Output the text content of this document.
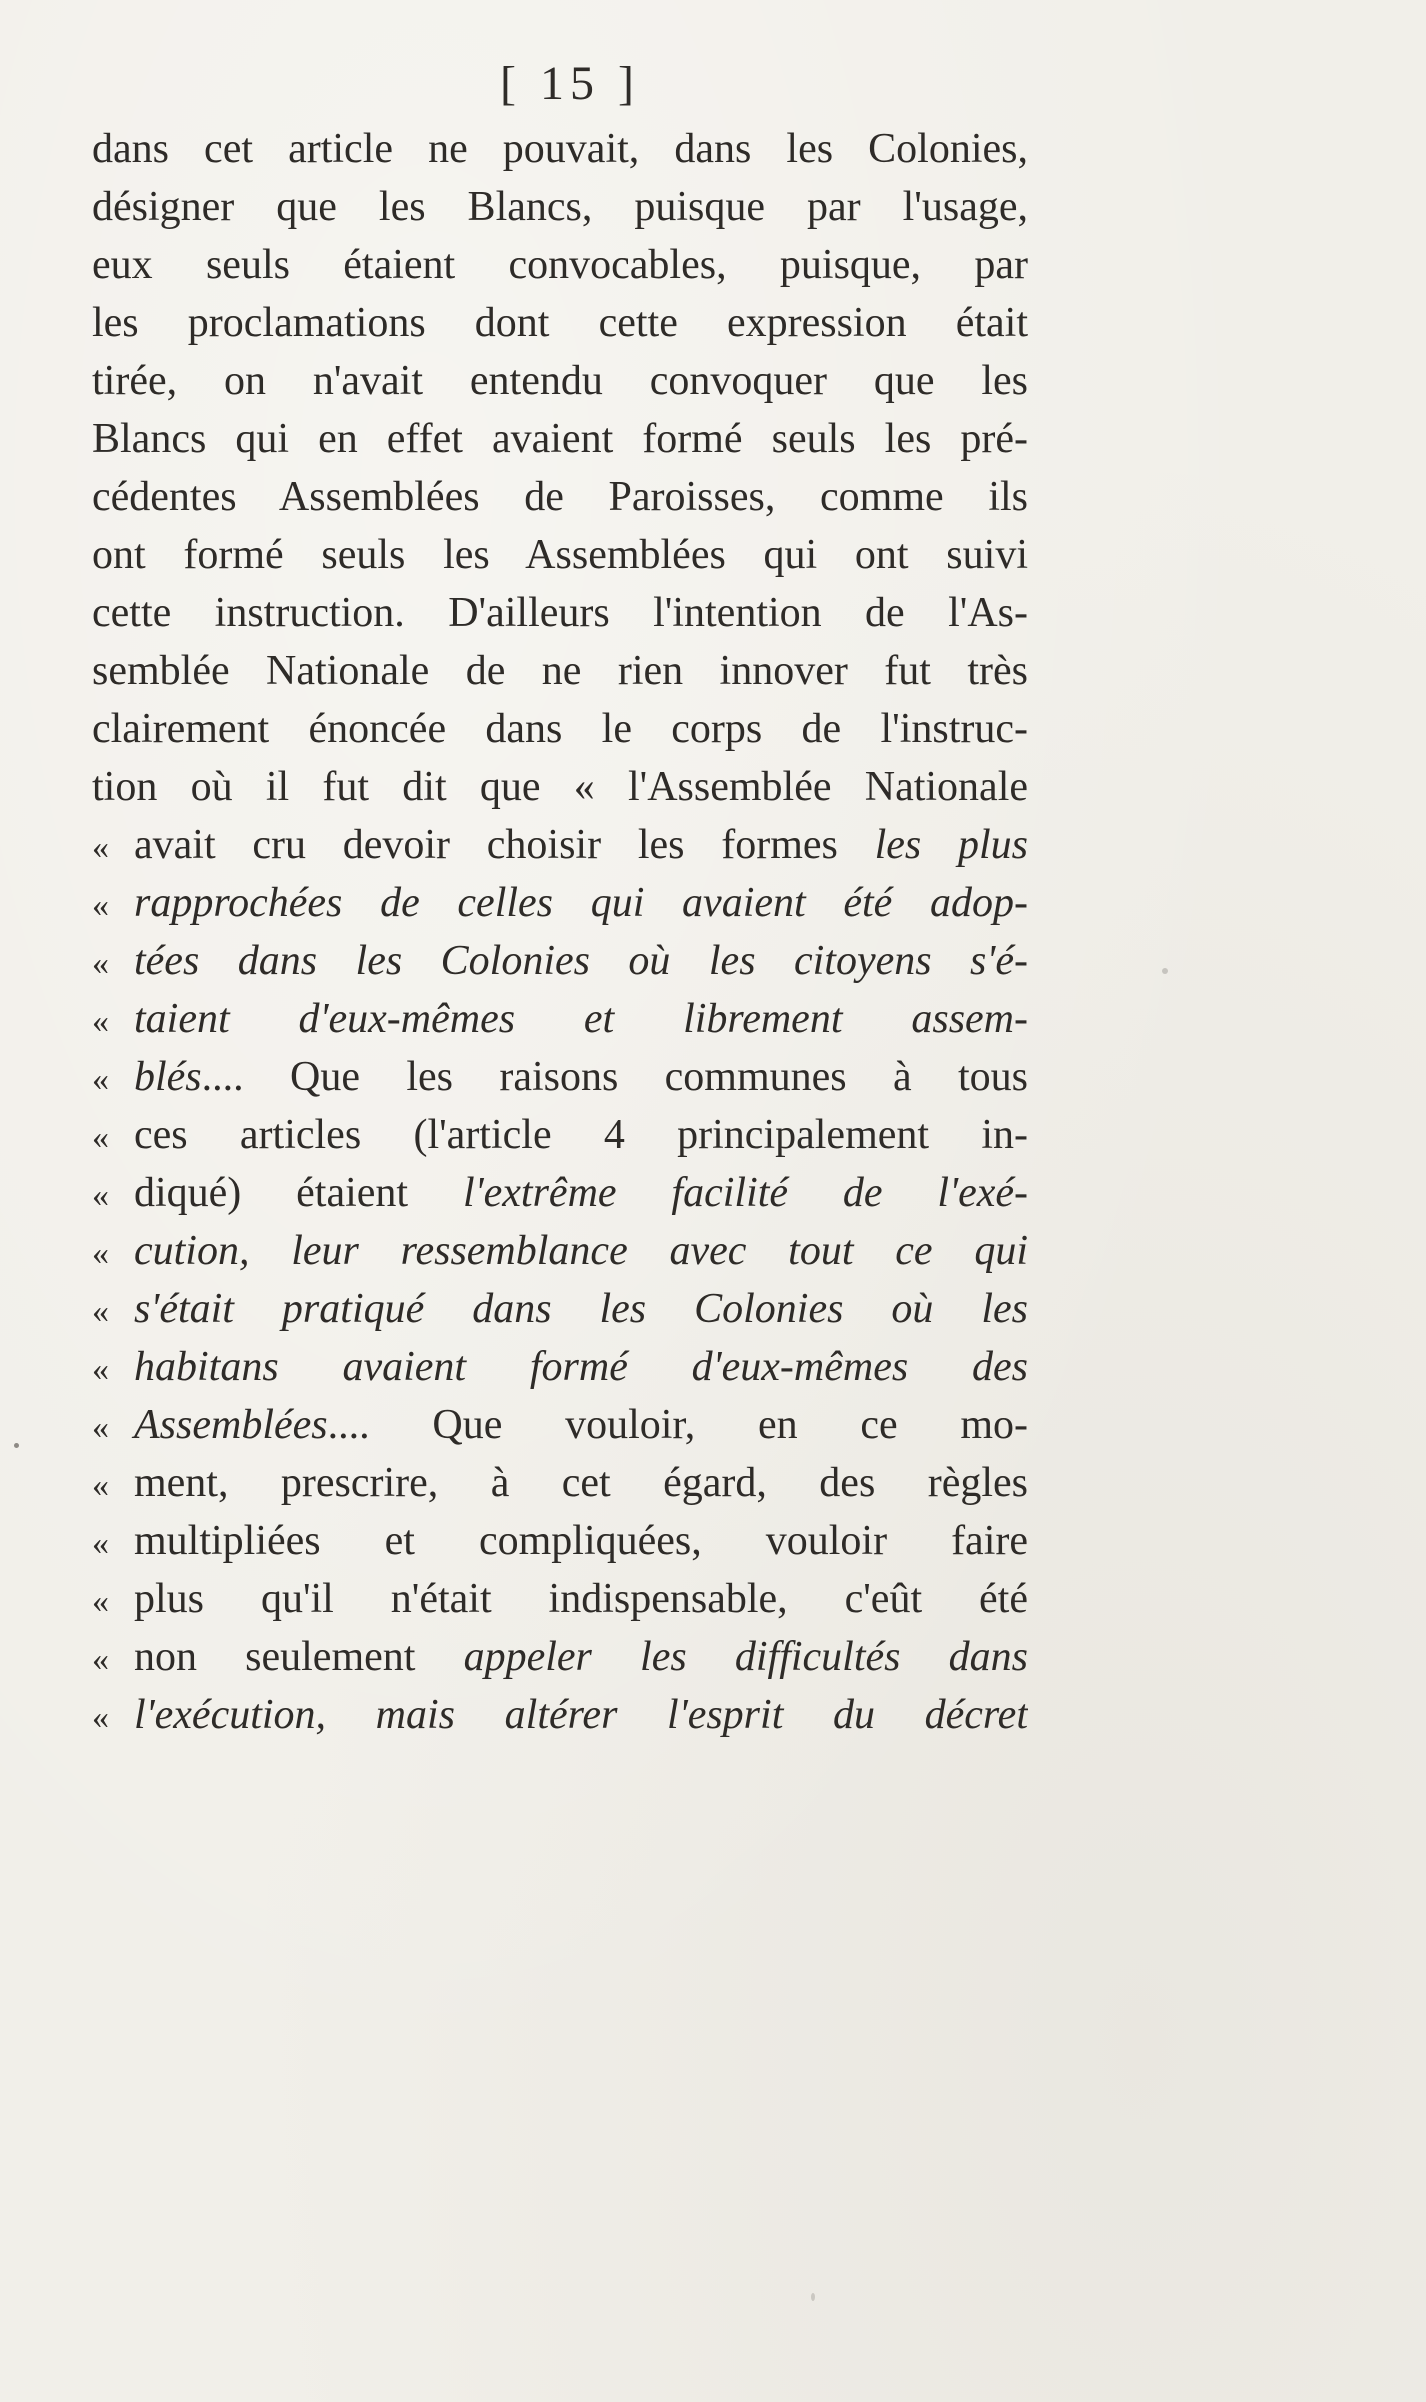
[ 15 ]
dans cet article ne pouvait, dans les Colonies,
désigner que les Blancs, puisque par l'usage,
eux seuls étaient convocables, puisque, par
les proclamations dont cette expression était
tirée, on n'avait entendu convoquer que les
Blancs qui en effet avaient formé seuls les pré-
cédentes Assemblées de Paroisses, comme ils
ont formé seuls les Assemblées qui ont suivi
cette instruction. D'ailleurs l'intention de l'As-
semblée Nationale de ne rien innover fut très
clairement énoncée dans le corps de l'instruc-
tion où il fut dit que « l'Assemblée Nationale
« avait cru devoir choisir les formes les plus
« rapprochées de celles qui avaient été adop-
« tées dans les Colonies où les citoyens s'é-
« taient d'eux-mêmes et librement assem-
« blés.... Que les raisons communes à tous
« ces articles (l'article 4 principalement in-
« diqué) étaient l'extrême facilité de l'exé-
« cution, leur ressemblance avec tout ce qui
« s'était pratiqué dans les Colonies où les
« habitans avaient formé d'eux-mêmes des
« Assemblées.... Que vouloir, en ce mo-
« ment, prescrire, à cet égard, des règles
« multipliées et compliquées, vouloir faire
« plus qu'il n'était indispensable, c'eût été
« non seulement appeler les difficultés dans
« l'exécution, mais altérer l'esprit du décret
